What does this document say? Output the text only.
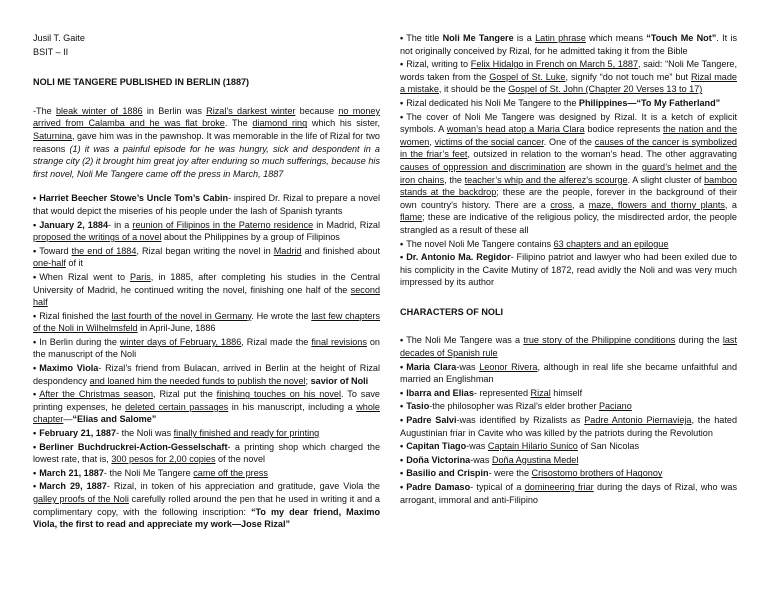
Jusil T. Gaite
BSIT – II
NOLI ME TANGERE PUBLISHED IN BERLIN (1887)
-The bleak winter of 1886 in Berlin was Rizal’s darkest winter because no money arrived from Calamba and he was flat broke. The diamond ring which his sister, Saturnina, gave him was in the pawnshop. It was memorable in the life of Rizal for two reasons (1) it was a painful episode for he was hungry, sick and despondent in a strange city (2) it brought him great joy after enduring so much sufferings, because his first novel, Noli Me Tangere came off the press in March, 1887
• Harriet Beecher Stowe’s Uncle Tom’s Cabin- inspired Dr. Rizal to prepare a novel that would depict the miseries of his people under the lash of Spanish tyrants
• January 2, 1884- in a reunion of Filipinos in the Paterno residence in Madrid, Rizal proposed the writings of a novel about the Philippines by a group of Filipinos
• Toward the end of 1884, Rizal began writing the novel in Madrid and finished about one-half of it
• When Rizal went to Paris, in 1885, after completing his studies in the Central University of Madrid, he continued writing the novel, finishing one half of the second half
• Rizal finished the last fourth of the novel in Germany. He wrote the last few chapters of the Noli in Wilhelmsfeld in April-June, 1886
• In Berlin during the winter days of February, 1886, Rizal made the final revisions on the manuscript of the Noli
• Maximo Viola- Rizal’s friend from Bulacan, arrived in Berlin at the height of Rizal despondency and loaned him the needed funds to publish the novel; savior of Noli
• After the Christmas season, Rizal put the finishing touches on his novel. To save printing expenses, he deleted certain passages in his manuscript, including a whole chapter—“Elias and Salome”
• February 21, 1887- the Noli was finally finished and ready for printing
• Berliner Buchdruckrei-Action-Gesselschaft- a printing shop which charged the lowest rate, that is, 300 pesos for 2,00 copies of the novel
• March 21, 1887- the Noli Me Tangere came off the press
• March 29, 1887- Rizal, in token of his appreciation and gratitude, gave Viola the galley proofs of the Noli carefully rolled around the pen that he used in writing it and a complimentary copy, with the following inscription: “To my dear friend, Maximo Viola, the first to read and appreciate my work—Jose Rizal”
• The title Noli Me Tangere is a Latin phrase which means “Touch Me Not”. It is not originally conceived by Rizal, for he admitted taking it from the Bible
• Rizal, writing to Felix Hidalgo in French on March 5, 1887, said: “Noli Me Tangere, words taken from the Gospel of St. Luke, signify “do not touch me” but Rizal made a mistake, it should be the Gospel of St. John (Chapter 20 Verses 13 to 17)
• Rizal dedicated his Noli Me Tangere to the Philippines—“To My Fatherland”
• The cover of Noli Me Tangere was designed by Rizal. It is a ketch of explicit symbols. A woman’s head atop a Maria Clara bodice represents the nation and the women, victims of the social cancer. One of the causes of the cancer is symbolized in the friar’s feet, outsized in relation to the woman’s head. The other aggravating causes of oppression and discrimination are shown in the guard’s helmet and the iron chains, the teacher’s whip and the alferez’s scourge. A slight cluster of bamboo stands at the backdrop; these are the people, forever in the background of their own country’s history. There are a cross, a maze, flowers and thorny plants, a flame; these are indicative of the religious policy, the misdirected ardor, the people strangled as a result of these all
• The novel Noli Me Tangere contains 63 chapters and an epilogue
• Dr. Antonio Ma. Regidor- Filipino patriot and lawyer who had been exiled due to his complicity in the Cavite Mutiny of 1872, read avidly the Noli and was very much impressed by its author
CHARACTERS OF NOLI
• The Noli Me Tangere was a true story of the Philippine conditions during the last decades of Spanish rule
• Maria Clara-was Leonor Rivera, although in real life she became unfaithful and married an Englishman
• Ibarra and Elias- represented Rizal himself
• Tasio-the philosopher was Rizal’s elder brother Paciano
• Padre Salvi-was identified by Rizalists as Padre Antonio Piernavieja, the hated Augustinian friar in Cavite who was killed by the patriots during the Revolution
• Capitan Tiago-was Captain Hilario Sunico of San Nicolas
• Doña Victorina-was Doña Agustina Medel
• Basilio and Crispin- were the Crisostomo brothers of Hagonoy
• Padre Damaso- typical of a domineering friar during the days of Rizal, who was arrogant, immoral and anti-Filipino
